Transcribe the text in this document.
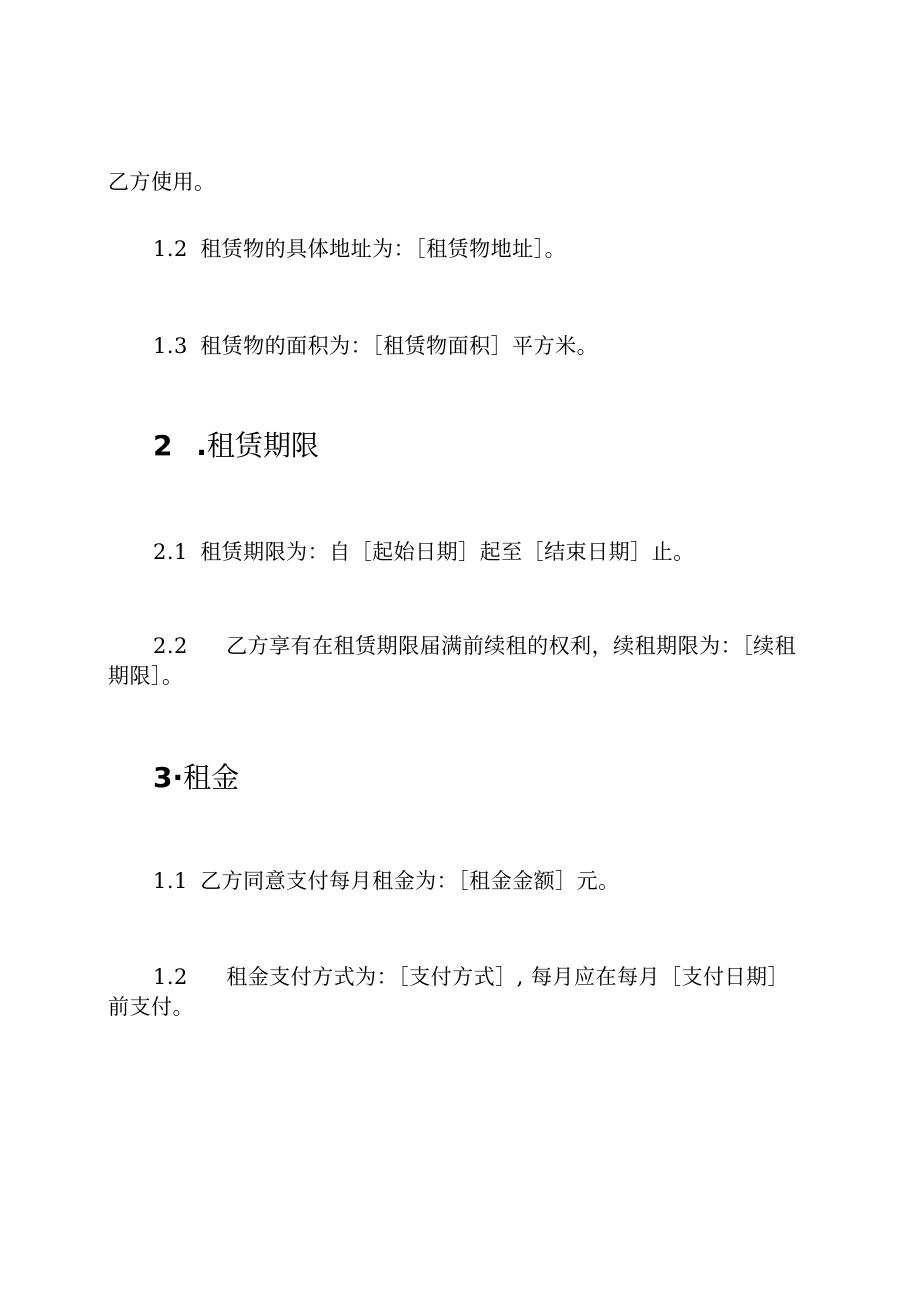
乙方使用。
1.2 租赁物的具体地址为：［租赁物地址］。
1.3 租赁物的面积为：［租赁物面积］平方米。
2 .租赁期限
2.1 租赁期限为：自［起始日期］起至［结束日期］止。
2.2 乙方享有在租赁期限届满前续租的权利，续租期限为：［续租
期限］。
3·租金
1.1 乙方同意支付每月租金为：［租金金额］元。
1.2 租金支付方式为：［支付方式］, 每月应在每月［支付日期］
前支付。
